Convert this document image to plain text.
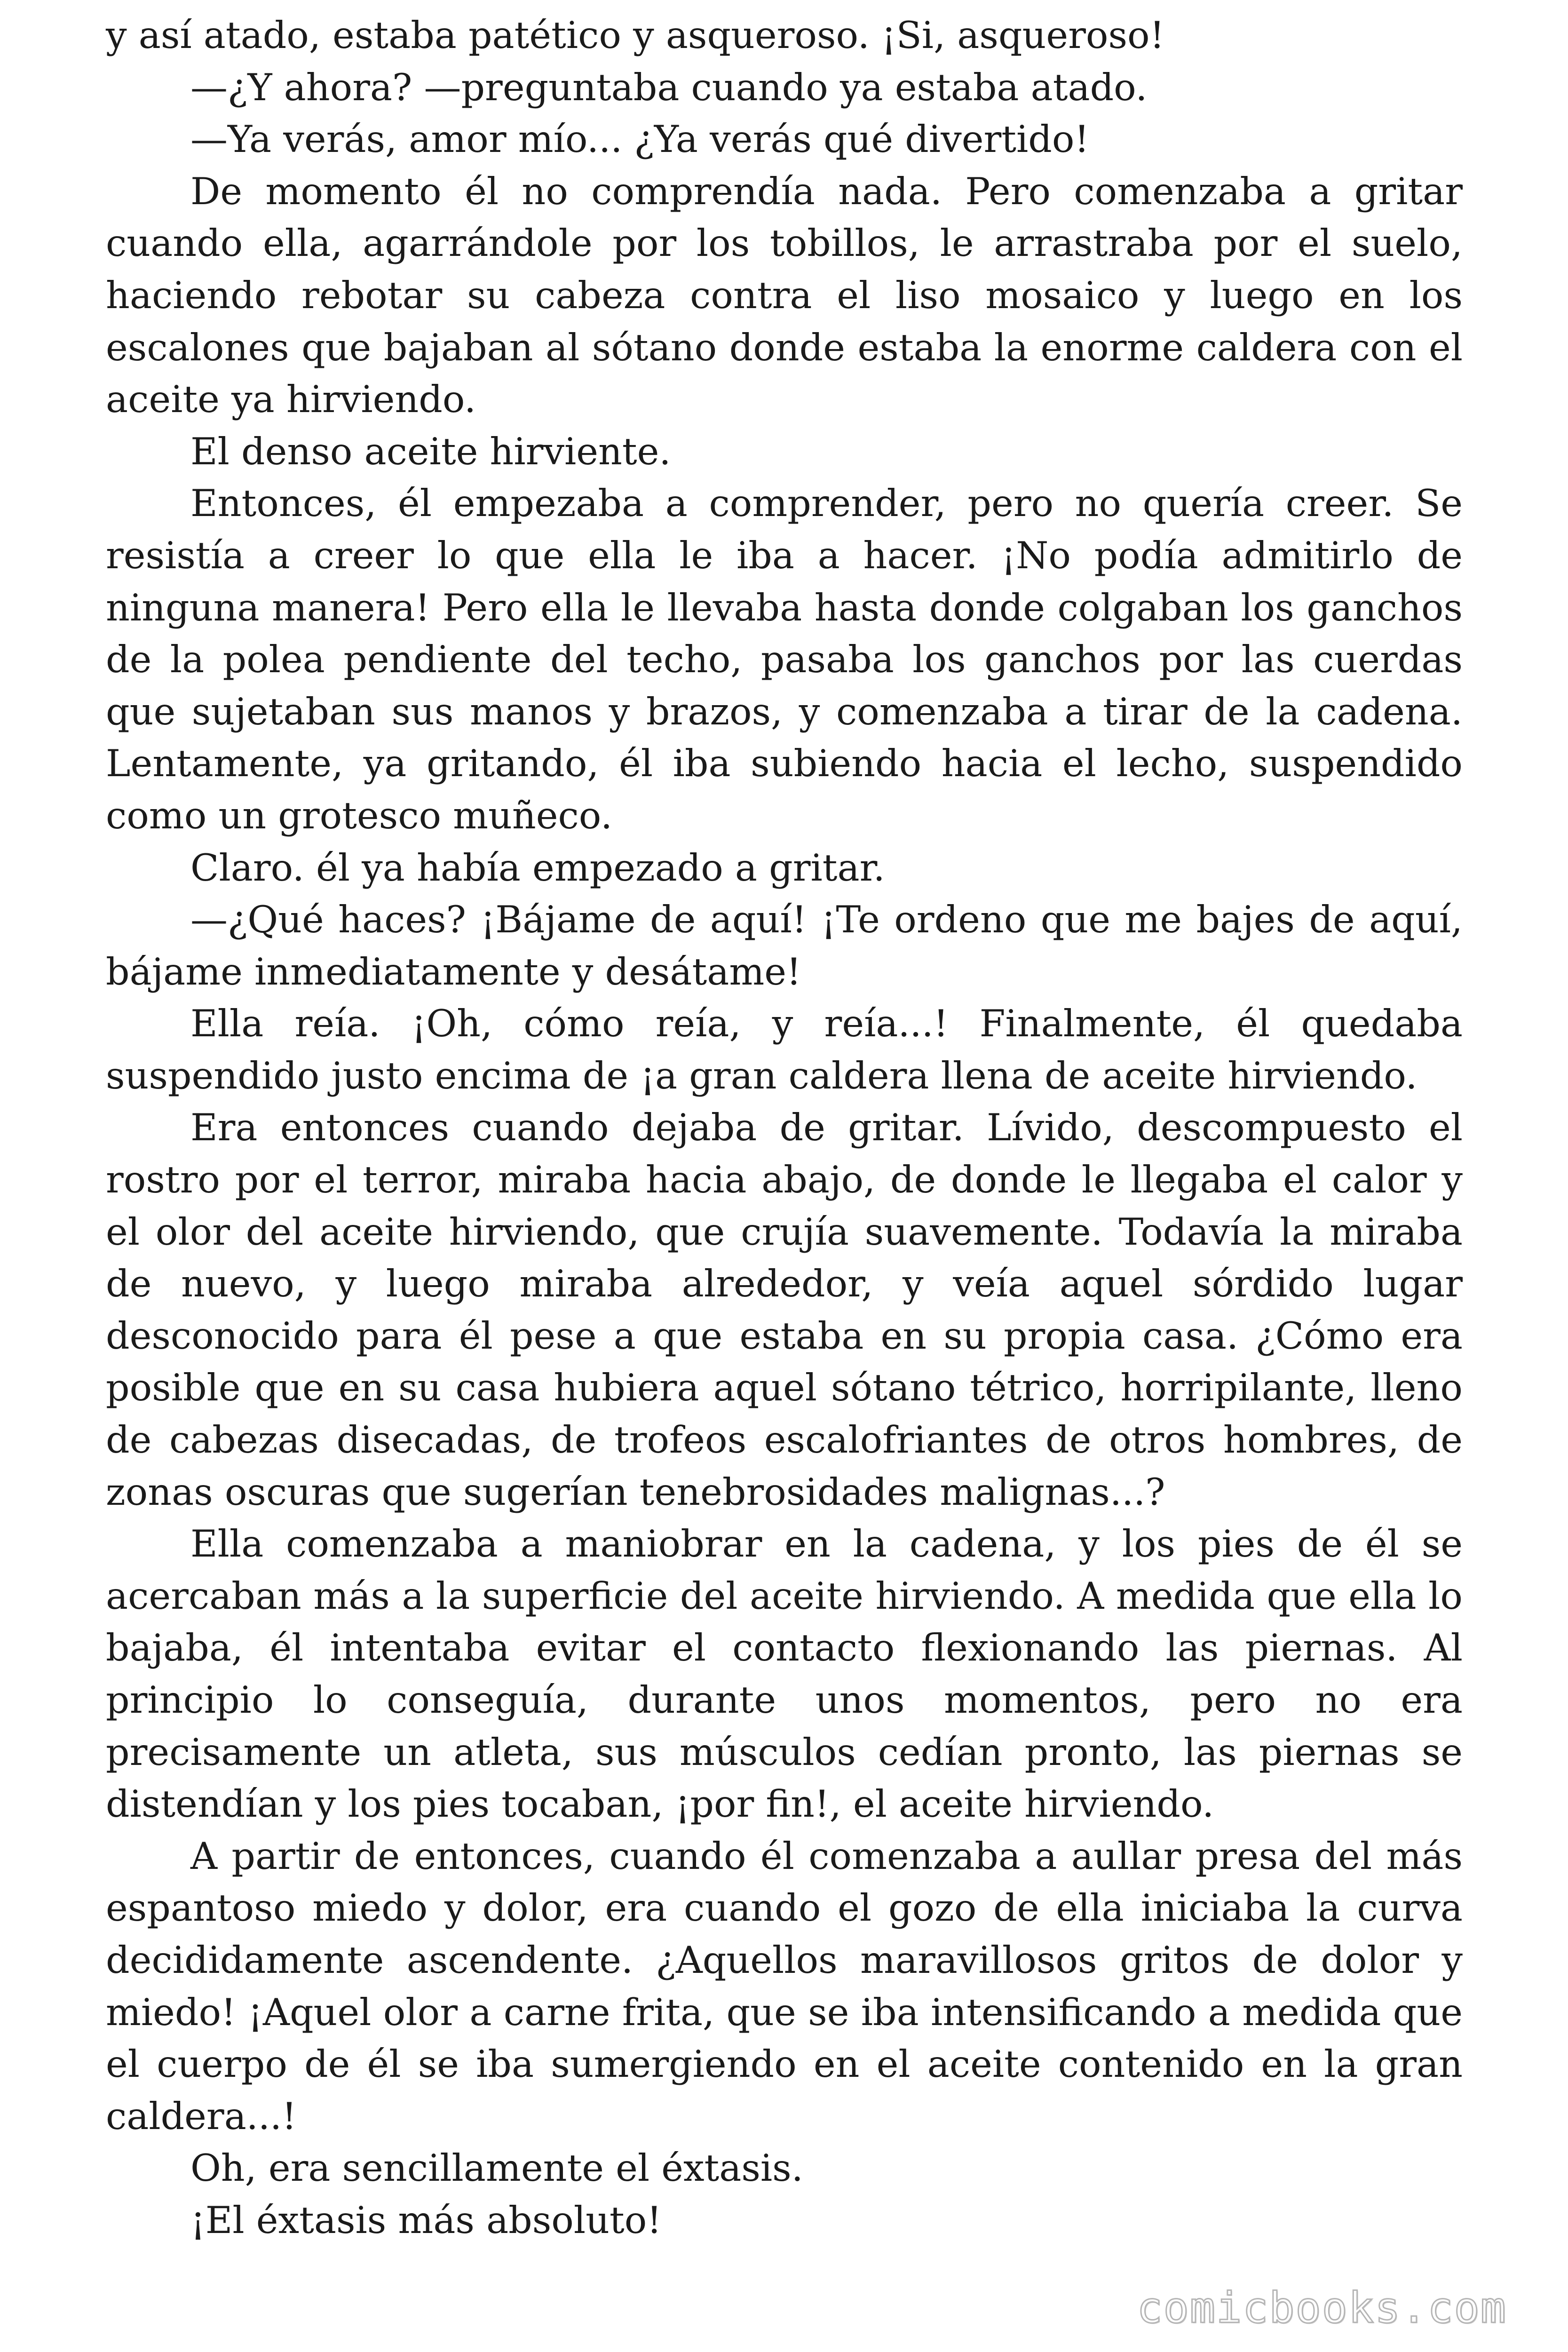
y así atado, estaba patético y asqueroso. ¡Si, asqueroso!

—¿Y ahora? —preguntaba cuando ya estaba atado.

—Ya verás, amor mío... ¿Ya verás qué divertido!

De momento él no comprendía nada. Pero comenzaba a gritar cuando ella, agarrándole por los tobillos, le arrastraba por el suelo, haciendo rebotar su cabeza contra el liso mosaico y luego en los escalones que bajaban al sótano donde estaba la enorme caldera con el aceite ya hirviendo.

El denso aceite hirviente.

Entonces, él empezaba a comprender, pero no quería creer. Se resistía a creer lo que ella le iba a hacer. ¡No podía admitirlo de ninguna manera! Pero ella le llevaba hasta donde colgaban los ganchos de la polea pendiente del techo, pasaba los ganchos por las cuerdas que sujetaban sus manos y brazos, y comenzaba a tirar de la cadena. Lentamente, ya gritando, él iba subiendo hacia el lecho, suspendido como un grotesco muñeco.

Claro. él ya había empezado a gritar.

—¿Qué haces? ¡Bájame de aquí! ¡Te ordeno que me bajes de aquí, bájame inmediatamente y desátame!

Ella reía. ¡Oh, cómo reía, y reía...! Finalmente, él quedaba suspendido justo encima de ¡a gran caldera llena de aceite hirviendo.

Era entonces cuando dejaba de gritar. Lívido, descompuesto el rostro por el terror, miraba hacia abajo, de donde le llegaba el calor y el olor del aceite hirviendo, que crujía suavemente. Todavía la miraba de nuevo, y luego miraba alrededor, y veía aquel sórdido lugar desconocido para él pese a que estaba en su propia casa. ¿Cómo era posible que en su casa hubiera aquel sótano tétrico, horripilante, lleno de cabezas disecadas, de trofeos escalofriantes de otros hombres, de zonas oscuras que sugerían tenebrosidades malignas...?

Ella comenzaba a maniobrar en la cadena, y los pies de él se acercaban más a la superficie del aceite hirviendo. A medida que ella lo bajaba, él intentaba evitar el contacto flexionando las piernas. Al principio lo conseguía, durante unos momentos, pero no era precisamente un atleta, sus músculos cedían pronto, las piernas se distendían y los pies tocaban, ¡por fin!, el aceite hirviendo.

A partir de entonces, cuando él comenzaba a aullar presa del más espantoso miedo y dolor, era cuando el gozo de ella iniciaba la curva decididamente ascendente. ¿Aquellos maravillosos gritos de dolor y miedo! ¡Aquel olor a carne frita, que se iba intensificando a medida que el cuerpo de él se iba sumergiendo en el aceite contenido en la gran caldera...!

Oh, era sencillamente el éxtasis.

¡El éxtasis más absoluto!

comicbooks.com
